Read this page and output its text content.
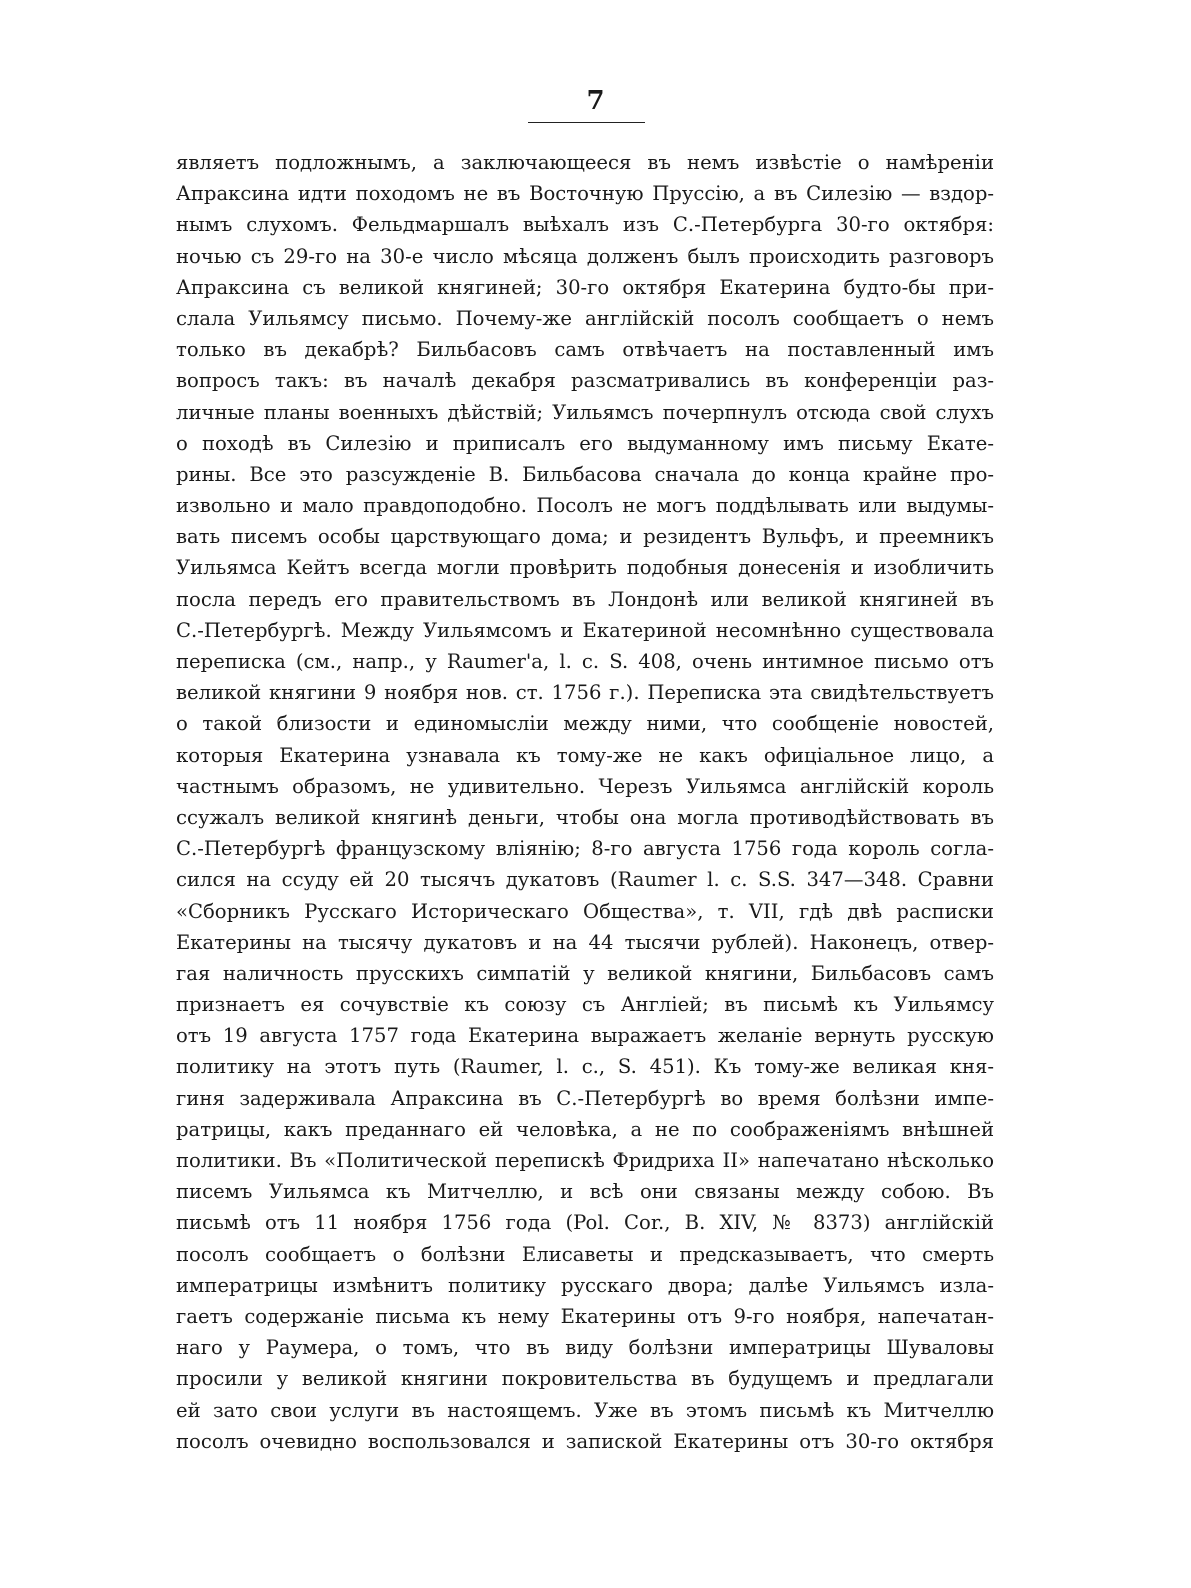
7
являетъ подложнымъ, а заключающееся въ немъ извѣстіе о намѣреніи
Апраксина идти походомъ не въ Восточную Пруссію, а въ Силезію — вздор-
нымъ слухомъ. Фельдмаршалъ выѣхалъ изъ С.-Петербурга 30-го октября:
ночью съ 29-го на 30-е число мѣсяца долженъ былъ происходить разговоръ
Апраксина съ великой княгиней; 30-го октября Екатерина будто-бы при-
слала Уильямсу письмо. Почему-же англійскій посолъ сообщаетъ о немъ
только въ декабрѣ? Бильбасовъ самъ отвѣчаетъ на поставленный имъ
вопросъ такъ: въ началѣ декабря разсматривались въ конференціи раз-
личные планы военныхъ дѣйствій; Уильямсъ почерпнулъ отсюда свой слухъ
о походѣ въ Силезію и приписалъ его выдуманному имъ письму Екате-
рины. Все это разсужденіе В. Бильбасова сначала до конца крайне про-
извольно и мало правдоподобно. Посолъ не могъ поддѣлывать или выдумы-
вать писемъ особы царствующаго дома; и резидентъ Вульфъ, и преемникъ
Уильямса Кейтъ всегда могли провѣрить подобныя донесенія и изобличить
посла передъ его правительствомъ въ Лондонѣ или великой княгиней въ
С.-Петербургѣ. Между Уильямсомъ и Екатериной несомнѣнно существовала
переписка (см., напр., у Raumer'a, l. c. S. 408, очень интимное письмо отъ
великой княгини 9 ноября нов. ст. 1756 г.). Переписка эта свидѣтельствуетъ
о такой близости и единомысліи между ними, что сообщеніе новостей,
которыя Екатерина узнавала къ тому-же не какъ офиціальное лицо, а
частнымъ образомъ, не удивительно. Черезъ Уильямса англійскій король
ссужалъ великой княгинѣ деньги, чтобы она могла противодѣйствовать въ
С.-Петербургѣ французскому вліянію; 8-го августа 1756 года король согла-
сился на ссуду ей 20 тысячъ дукатовъ (Raumer l. c. S.S. 347—348. Сравни
«Сборникъ Русскаго Историческаго Общества», т. VII, гдѣ двѣ расписки
Екатерины на тысячу дукатовъ и на 44 тысячи рублей). Наконецъ, отвер-
гая наличность прусскихъ симпатій у великой княгини, Бильбасовъ самъ
признаетъ ея сочувствіе къ союзу съ Англіей; въ письмѣ къ Уильямсу
отъ 19 августа 1757 года Екатерина выражаетъ желаніе вернуть русскую
политику на этотъ путь (Raumer, l. c., S. 451). Къ тому-же великая кня-
гиня задерживала Апраксина въ С.-Петербургѣ во время болѣзни импе-
ратрицы, какъ преданнаго ей человѣка, а не по соображеніямъ внѣшней
политики. Въ «Политической перепискѣ Фридриха II» напечатано нѣсколько
писемъ Уильямса къ Митчеллю, и всѣ они связаны между собою. Въ
письмѣ отъ 11 ноября 1756 года (Pol. Cor., B. XIV, № 8373) англійскій
посолъ сообщаетъ о болѣзни Елисаветы и предсказываетъ, что смерть
императрицы измѣнитъ политику русскаго двора; далѣе Уильямсъ изла-
гаетъ содержаніе письма къ нему Екатерины отъ 9-го ноября, напечатан-
наго у Раумера, о томъ, что въ виду болѣзни императрицы Шуваловы
просили у великой княгини покровительства въ будущемъ и предлагали
ей зато свои услуги въ настоящемъ. Уже въ этомъ письмѣ къ Митчеллю
посолъ очевидно воспользовался и запиской Екатерины отъ 30-го октября
